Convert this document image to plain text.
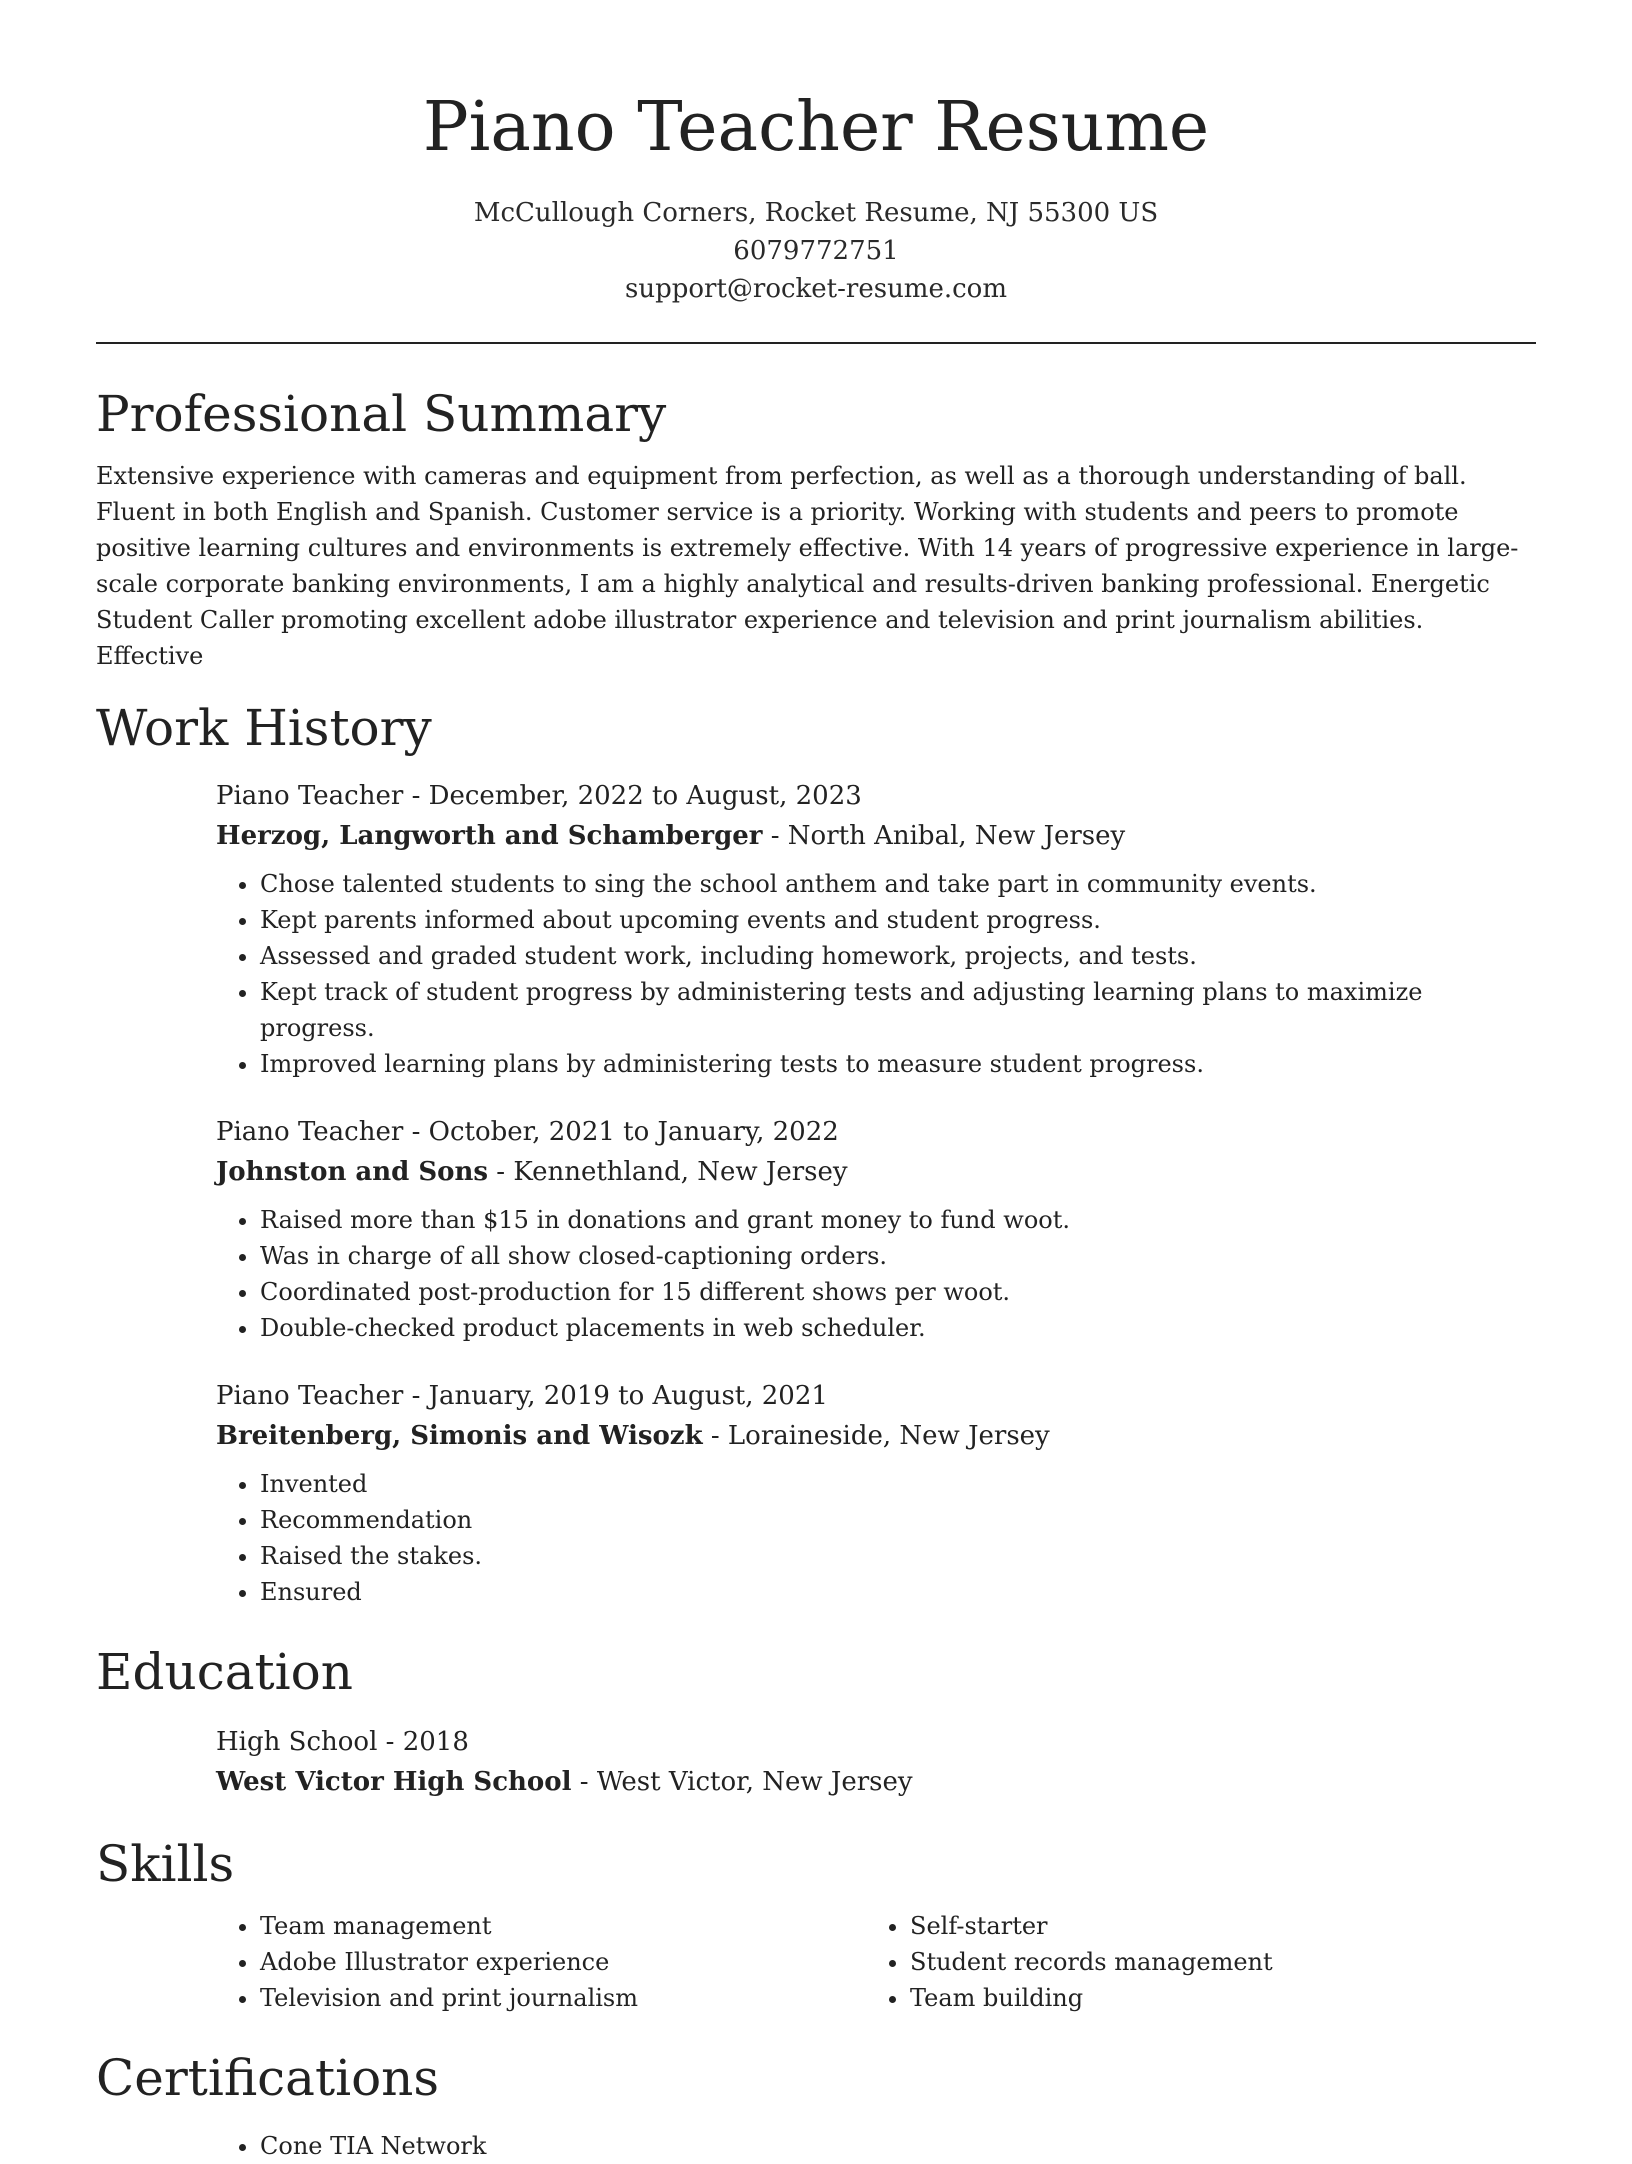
Piano Teacher Resume
McCullough Corners, Rocket Resume, NJ 55300 US
6079772751
support@rocket-resume.com
Professional Summary

Extensive experience with cameras and equipment from perfection, as well as a thorough understanding of ball. Fluent in both English and Spanish. Customer service is a priority. Working with students and peers to promote positive learning cultures and environments is extremely effective. With 14 years of progressive experience in large-scale corporate banking environments, I am a highly analytical and results-driven banking professional. Energetic Student Caller promoting excellent adobe illustrator experience and television and print journalism abilities. Effective

Work History
Piano Teacher - December, 2022 to August, 2023
Herzog, Langworth and Schamberger - North Anibal, New Jersey
• Chose talented students to sing the school anthem and take part in community events.
• Kept parents informed about upcoming events and student progress.
• Assessed and graded student work, including homework, projects, and tests.
• Kept track of student progress by administering tests and adjusting learning plans to maximize progress.
• Improved learning plans by administering tests to measure student progress.
Piano Teacher - October, 2021 to January, 2022
Johnston and Sons - Kennethland, New Jersey
• Raised more than $15 in donations and grant money to fund woot.
• Was in charge of all show closed-captioning orders.
• Coordinated post-production for 15 different shows per woot.
• Double-checked product placements in web scheduler.
Piano Teacher - January, 2019 to August, 2021
Breitenberg, Simonis and Wisozk - Loraineside, New Jersey
• Invented
• Recommendation
• Raised the stakes.
• Ensured
Education
High School - 2018
West Victor High School - West Victor, New Jersey
Skills
• Team management
• Adobe Illustrator experience
• Television and print journalism
• Self-starter
• Student records management
• Team building
Certifications
• Cone TIA Network
